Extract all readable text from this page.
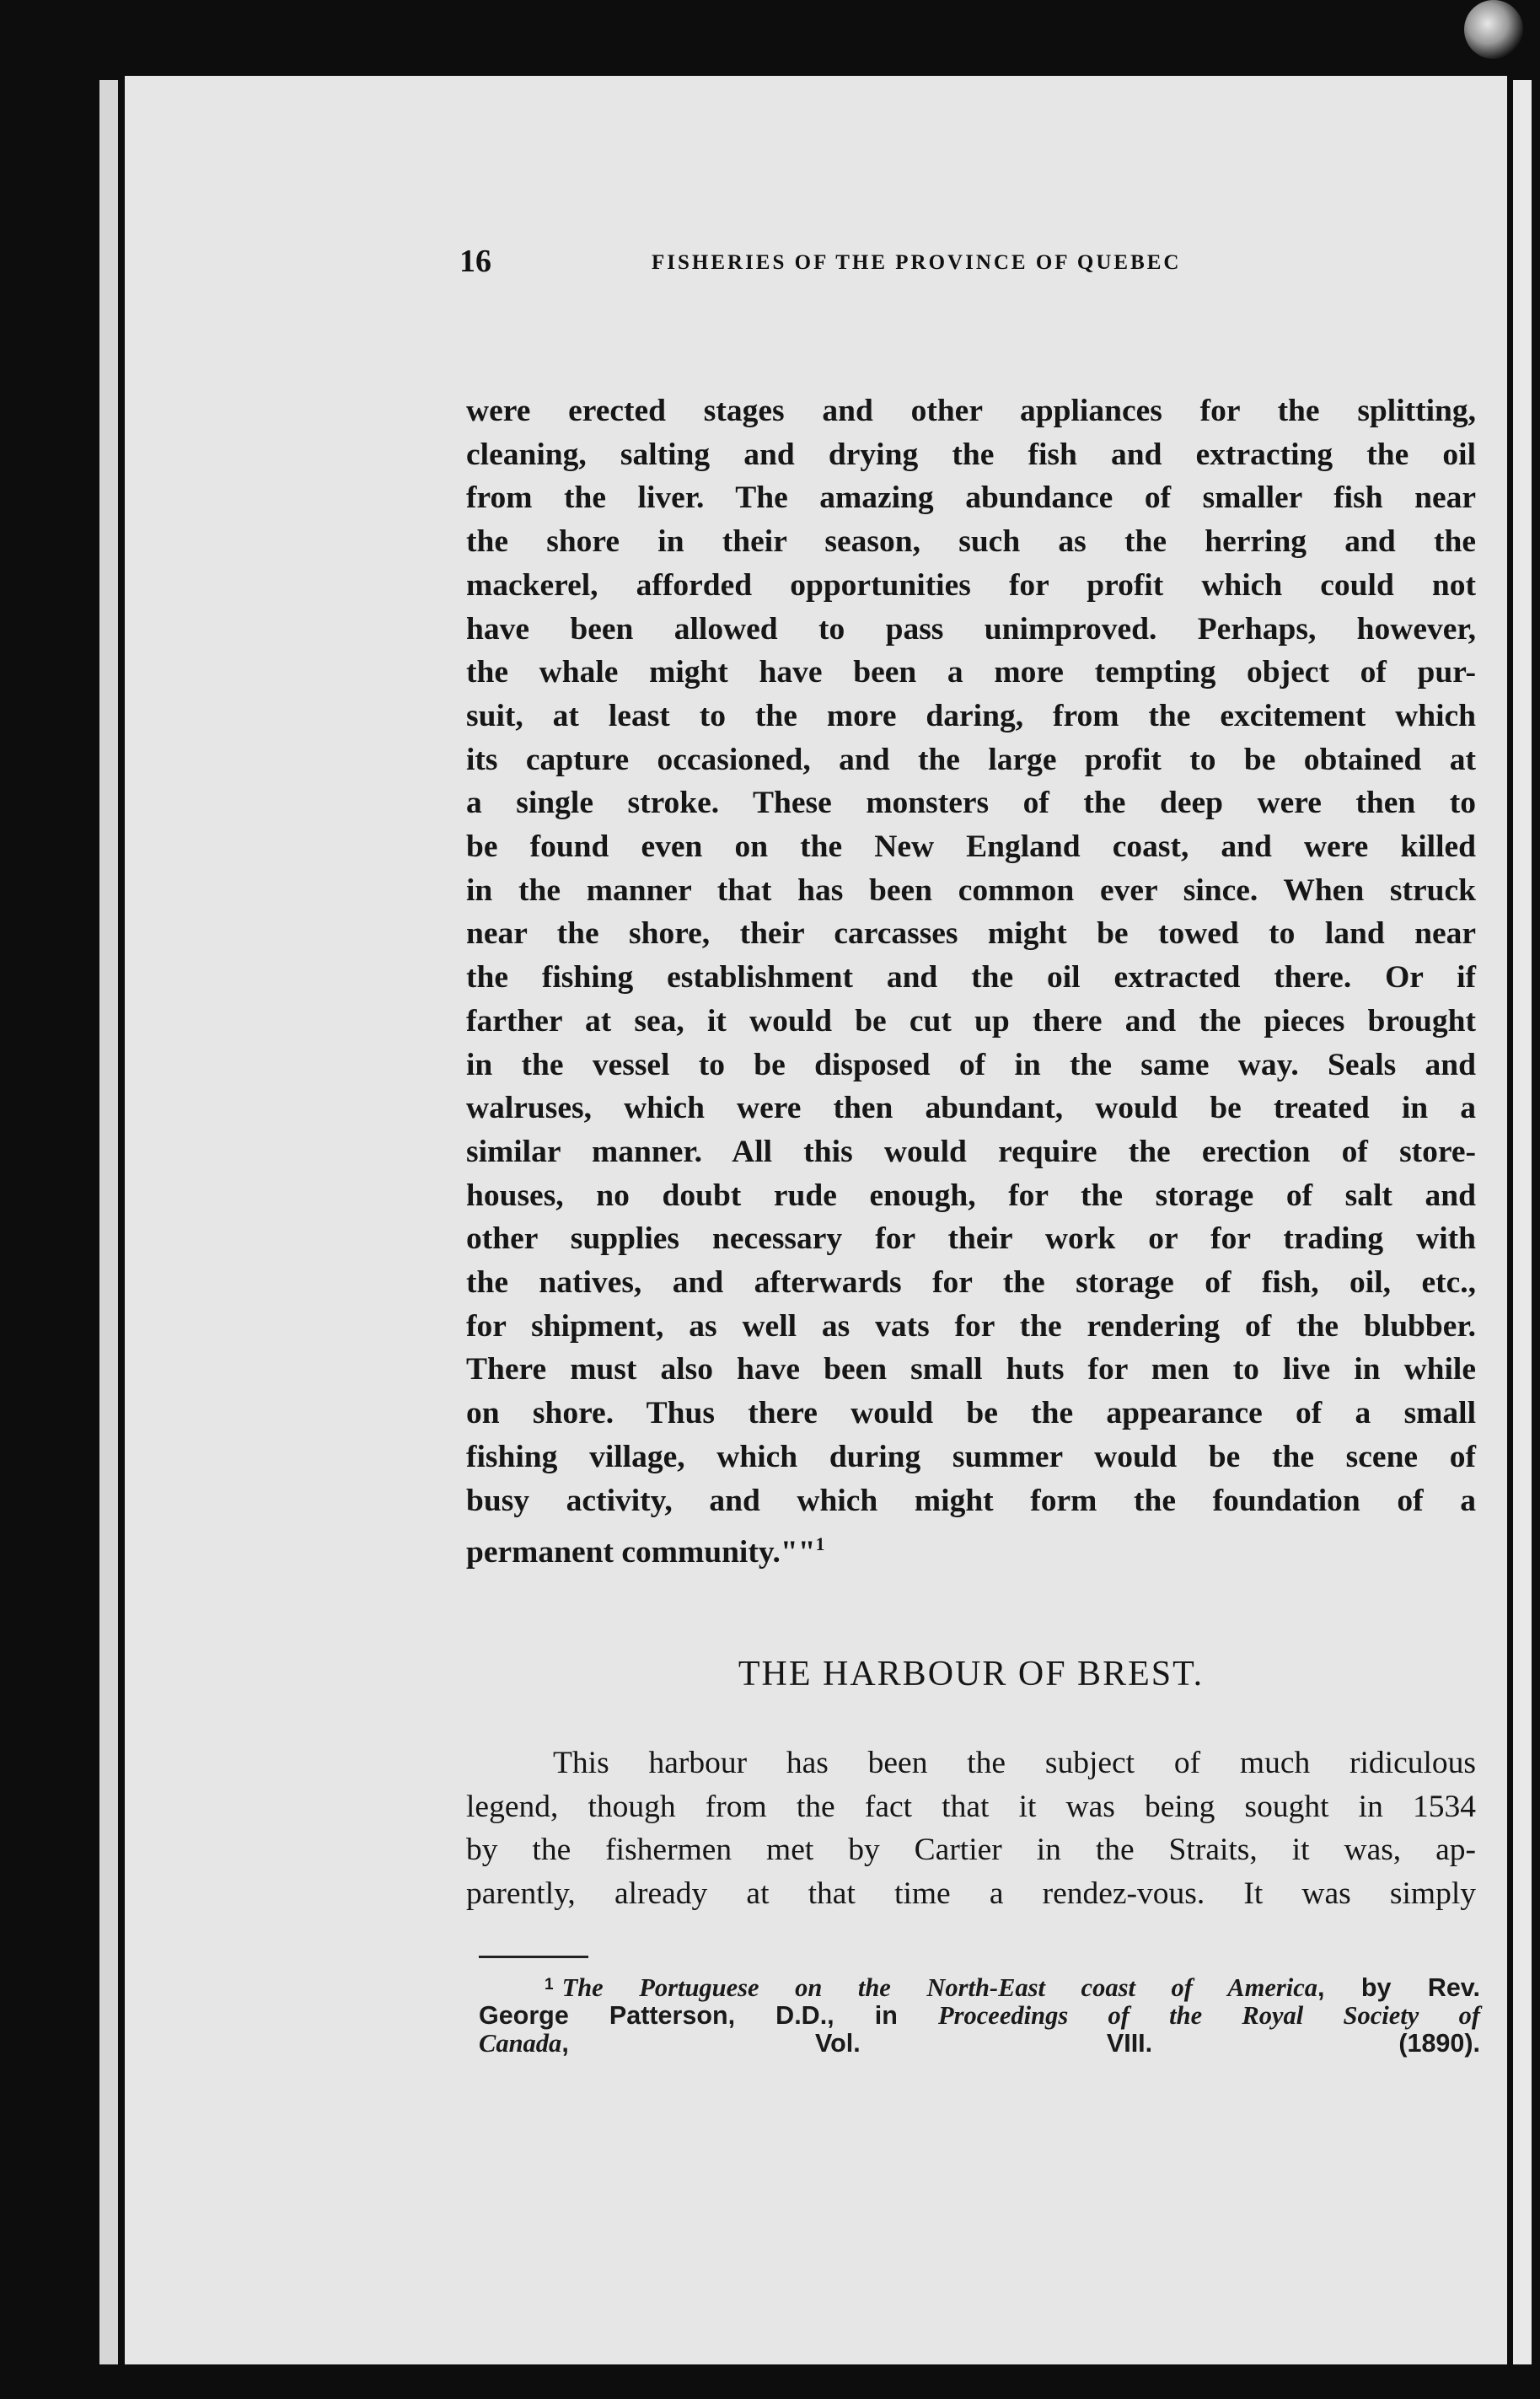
16	FISHERIES OF THE PROVINCE OF QUEBEC
were erected stages and other appliances for the splitting,
cleaning, salting and drying the fish and extracting the oil
from the liver. The amazing abundance of smaller fish near
the shore in their season, such as the herring and the
mackerel, afforded opportunities for profit which could not
have been allowed to pass unimproved. Perhaps, however,
the whale might have been a more tempting object of pur-
suit, at least to the more daring, from the excitement which
its capture occasioned, and the large profit to be obtained at
a single stroke. These monsters of the deep were then to
be found even on the New England coast, and were killed
in the manner that has been common ever since. When struck
near the shore, their carcasses might be towed to land near
the fishing establishment and the oil extracted there. Or if
farther at sea, it would be cut up there and the pieces brought
in the vessel to be disposed of in the same way. Seals and
walruses, which were then abundant, would be treated in a
similar manner. All this would require the erection of store-
houses, no doubt rude enough, for the storage of salt and
other supplies necessary for their work or for trading with
the natives, and afterwards for the storage of fish, oil, etc.,
for shipment, as well as vats for the rendering of the blubber.
There must also have been small huts for men to live in while
on shore. Thus there would be the appearance of a small
fishing village, which during summer would be the scene of
busy activity, and which might form the foundation of a
permanent community.""$^1$
THE HARBOUR OF BREST.
This harbour has been the subject of much ridiculous
legend, though from the fact that it was being sought in 1534
by the fishermen met by Cartier in the Straits, it was, ap-
parently, already at that time a rendez-vous. It was simply
$^1$ The Portuguese on the North-East coast of America, by Rev.
George Patterson, D.D., in Proceedings of the Royal Society of
Canada, Vol. VIII. (1890).
